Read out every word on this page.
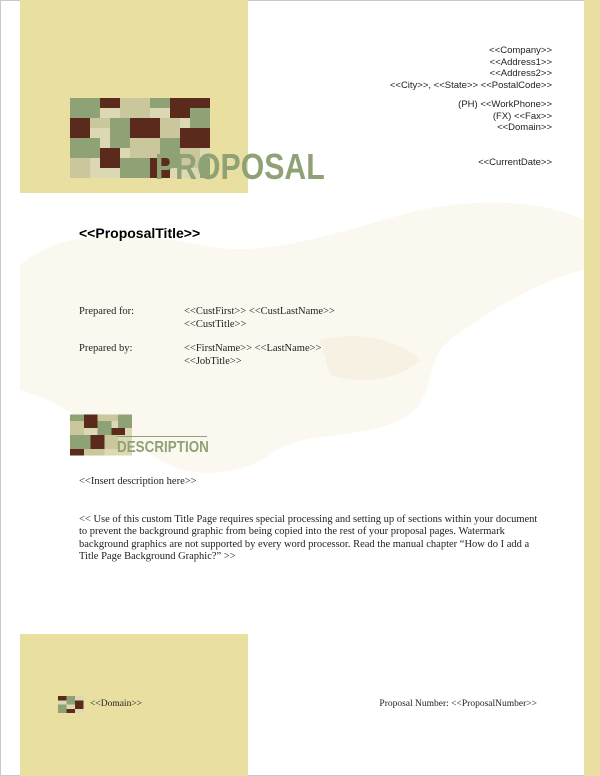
PROPOSAL
<<Company>>
<<Address1>>
<<Address2>>
<<City>>, <<State>> <<PostalCode>>
(PH) <<WorkPhone>>
(FX) <<Fax>>
<<Domain>>
<<CurrentDate>>
<<ProposalTitle>>
Prepared for:	<<CustFirst>> <<CustLastName>>
<<CustTitle>>
Prepared by:	<<FirstName>> <<LastName>>
<<JobTitle>>
DESCRIPTION
<<Insert description here>>
<< Use of this custom Title Page requires special processing and setting up of sections within your document to prevent the background graphic from being copied into the rest of your proposal pages. Watermark background graphics are not supported by every word processor. Read the manual chapter “How do I add a Title Page Background Graphic?” >>
<<Domain>>	Proposal Number: <<ProposalNumber>>
